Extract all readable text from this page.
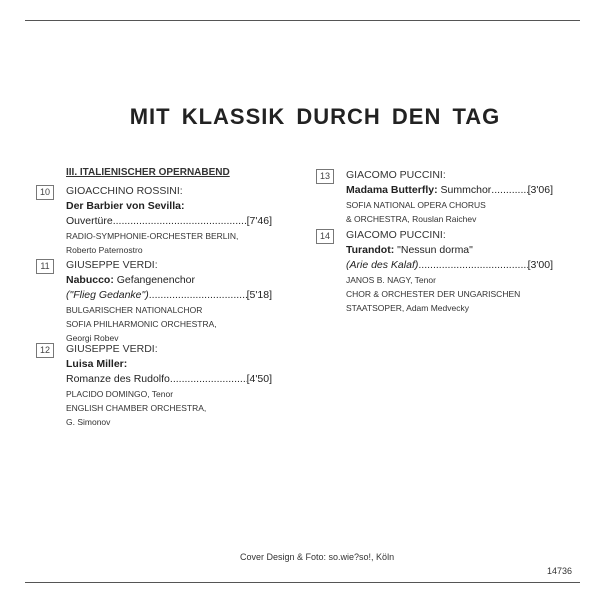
MIT KLASSIK DURCH DEN TAG
III. ITALIENISCHER OPERNABEND
10	GIOACCHINO ROSSINI:
Der Barbier von Sevilla:
Ouvertüre .....	[7'46]
RADIO-SYMPHONIE-ORCHESTER BERLIN,
Roberto Paternostro
11	GIUSEPPE VERDI:
Nabucco: Gefangenenchor
("Flieg Gedanke") .....	[5'18]
BULGARISCHER NATIONALCHOR
SOFIA PHILHARMONIC ORCHESTRA,
Georgi Robev
12	GIUSEPPE VERDI:
Luisa Miller:
Romanze des Rudolfo .....	[4'50]
PLACIDO DOMINGO, Tenor
ENGLISH CHAMBER ORCHESTRA,
G. Simonov
13	GIACOMO PUCCINI:
Madama Butterfly:
Summchor .....	[3'06]
SOFIA NATIONAL OPERA CHORUS
& ORCHESTRA, Rouslan Raichev
14	GIACOMO PUCCINI:
Turandot: "Nessun dorma"
(Arie des Kalaf) .....	[3'00]
JANOS B. NAGY, Tenor
CHOR & ORCHESTER DER UNGARISCHEN
STAATSOPER, Adam Medvecky
Cover Design & Foto: so.wie?so!, Köln
14736
